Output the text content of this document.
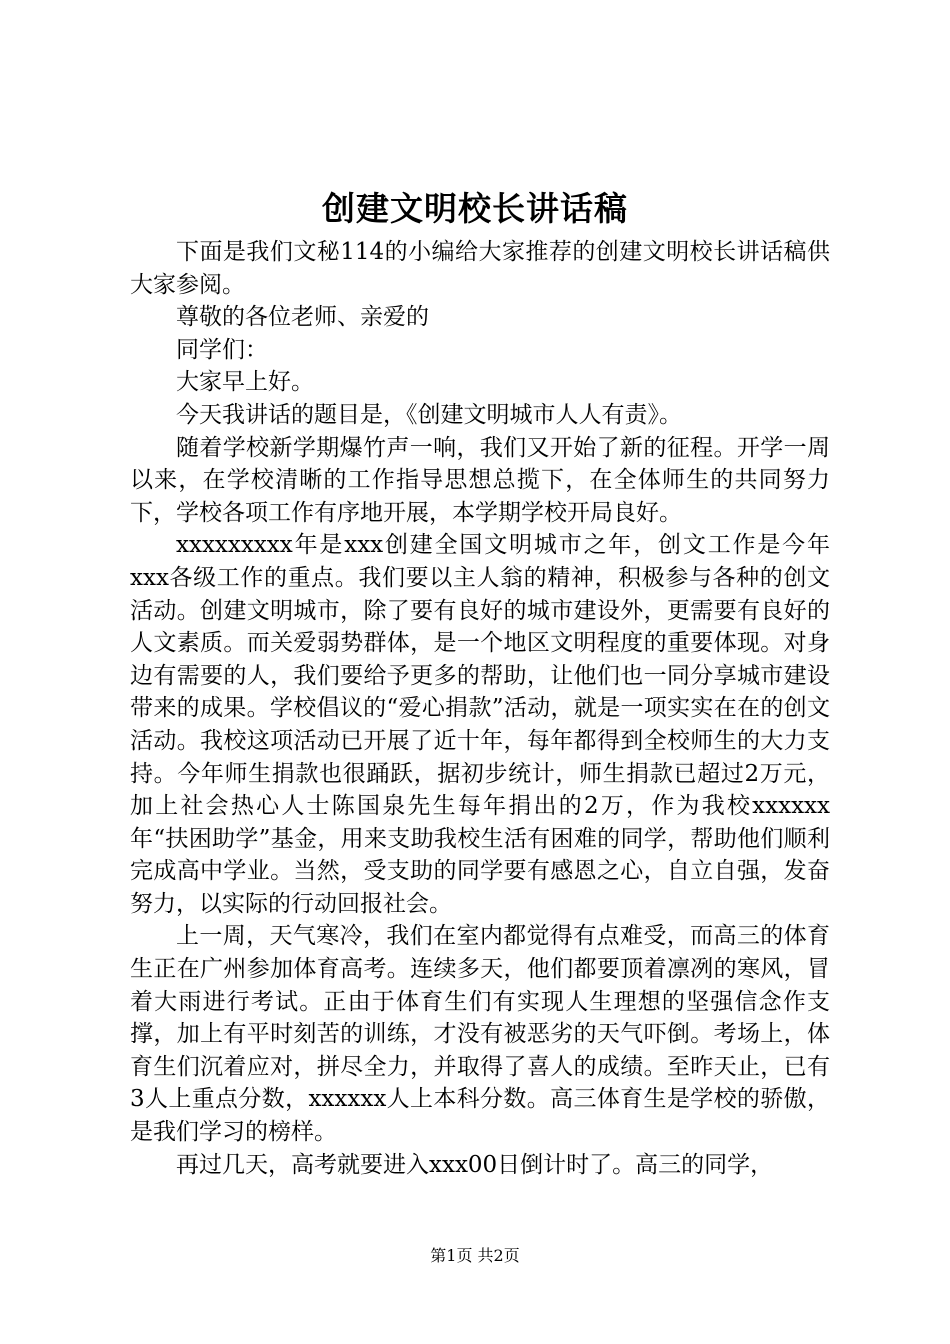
创建文明校长讲话稿

下面是我们文秘114的小编给大家推荐的创建文明校长讲话稿供大家参阅。

尊敬的各位老师、亲爱的

同学们：

大家早上好。

今天我讲话的题目是，《创建文明城市人人有责》。

随着学校新学期爆竹声一响，我们又开始了新的征程。开学一周以来，在学校清晰的工作指导思想总揽下，在全体师生的共同努力下，学校各项工作有序地开展，本学期学校开局良好。

xxxxxxxxx年是xxx创建全国文明城市之年，创文工作是今年xxx各级工作的重点。我们要以主人翁的精神，积极参与各种的创文活动。创建文明城市，除了要有良好的城市建设外，更需要有良好的人文素质。而关爱弱势群体，是一个地区文明程度的重要体现。对身边有需要的人，我们要给予更多的帮助，让他们也一同分享城市建设带来的成果。学校倡议的“爱心捐款”活动，就是一项实实在在的创文活动。我校这项活动已开展了近十年，每年都得到全校师生的大力支持。今年师生捐款也很踊跃，据初步统计，师生捐款已超过2万元，加上社会热心人士陈国泉先生每年捐出的2万，作为我校xxxxxx年“扶困助学”基金，用来支助我校生活有困难的同学，帮助他们顺利完成高中学业。当然，受支助的同学要有感恩之心，自立自强，发奋努力，以实际的行动回报社会。

上一周，天气寒冷，我们在室内都觉得有点难受，而高三的体育生正在广州参加体育高考。连续多天，他们都要顶着凛冽的寒风，冒着大雨进行考试。正由于体育生们有实现人生理想的坚强信念作支撑，加上有平时刻苦的训练，才没有被恶劣的天气吓倒。考场上，体育生们沉着应对，拼尽全力，并取得了喜人的成绩。至昨天止，已有3人上重点分数，xxxxxx人上本科分数。高三体育生是学校的骄傲，是我们学习的榜样。

再过几天，高考就要进入xxx00日倒计时了。高三的同学，

第1页 共2页
